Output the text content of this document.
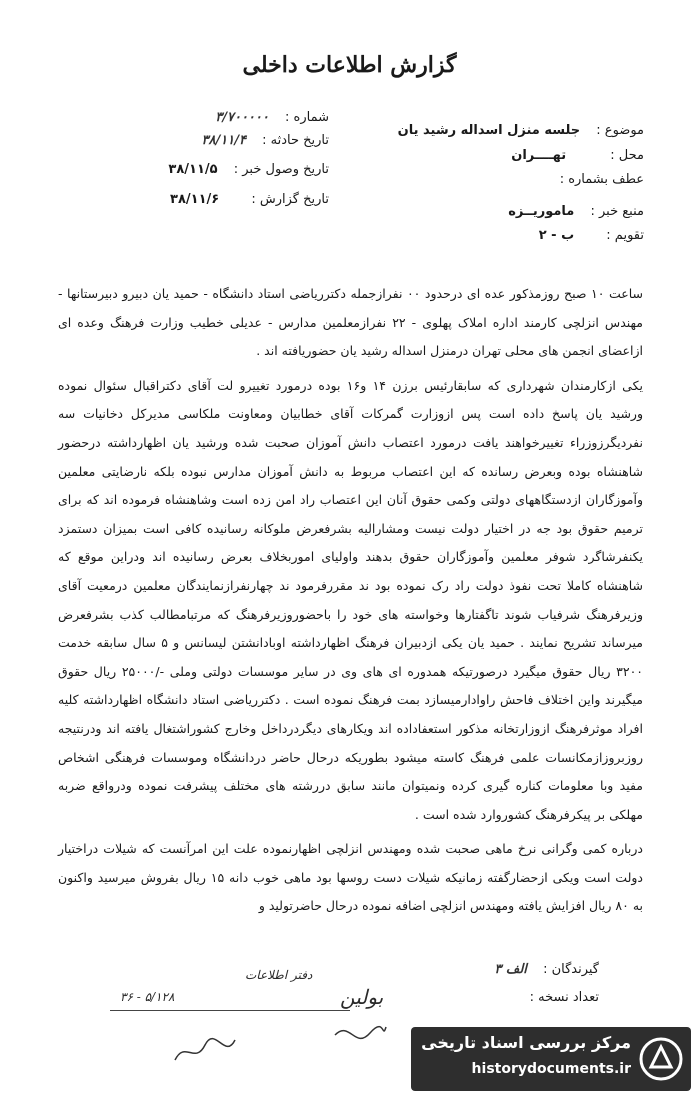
گزارش اطلاعات داخلی
موضوع : جلسه منزل اسداله رشید یان
محل : تهــــران
عطف بشماره :
منبع خبر : ماموریــزه
تقویم : ب - ۲
شماره : ۳/۷۰۰۰۰۰
تاریخ حادثه : ۳۸/۱۱/۴
تاریخ وصول خبر : ۳۸/۱۱/۵
تاریخ گزارش : ۳۸/۱۱/۶

ساعت ۱۰ صبح روزمذکور عده ای درحدود ۰۰ نفرازجمله دکترریاضی استاد دانشگاه - حمید یان دبیرو دبیرستانها - مهندس انزلچی کارمند اداره املاک پهلوی - ۲۲ نفرازمعلمین مدارس - عدیلی خطیب وزارت فرهنگ وعده ای ازاعضای انجمن های محلی تهران درمنزل اسداله رشید یان حضوریافته اند .

یکی ازکارمندان شهرداری که سابقارئیس برزن ۱۴ و۱۶ بوده درمورد تغییرو لت آقای دکتراقبال سئوال نموده ورشید یان پاسخ داده است پس ازوزارت گمرکات آقای خطابیان ومعاونت ملکاسی مدیرکل دخانیات سه نفردیگرزوزراء تغییرخواهند یافت درمورد اعتصاب دانش آموزان صحبت شده ورشید یان اظهارداشته درحضور شاهنشاه بوده وبعرض رسانده که این اعتصاب مربوط به دانش آموزان مدارس نبوده بلکه نارضایتی معلمین وآموزگاران ازدستگاههای دولتی وکمی حقوق آنان این اعتصاب راد امن زده است وشاهنشاه فرموده اند که برای ترمیم حقوق بود جه در اختیار دولت نیست ومشارالیه بشرفعرض ملوکانه رسانیده کافی است بمیزان دستمزد یکنفرشاگرد شوفر معلمین وآموزگاران حقوق بدهند واولیای اموربخلاف بعرض رسانیده اند ودراین موقع که شاهنشاه کاملا تحت نفوذ دولت راد رک نموده بود ند مقررفرمود ند چهارنفرازنمایندگان معلمین درمعیت آقای وزیرفرهنگ شرفیاب شوند تاگفتارها وخواسته های خود را باحضوروزیرفرهنگ که مرتبامطالب کذب بشرفعرض میرساند تشریح نمایند . حمید یان یکی ازدبیران فرهنگ اظهارداشته اوبادانشتن لیسانس و ۵ سال سابقه خدمت ۳۲۰۰ ریال حقوق میگیرد درصورتیکه همدوره ای های وی در سایر موسسات دولتی وملی -/۲۵۰۰۰ ریال حقوق میگیرند واین اختلاف فاحش راوادارمیسازد بمت فرهنگ نموده است . دکترریاضی استاد دانشگاه اظهارداشته کلیه افراد موثرفرهنگ ازوزارتخانه مذکور استعفاداده اند ویکارهای دیگردرداخل وخارج کشوراشتغال یافته اند ودرنتیجه روزبروزازمکانسات علمی فرهنگ کاسته میشود بطوریکه درحال حاضر دردانشگاه وموسسات فرهنگی اشخاص مفید وبا معلومات کناره گیری کرده ونمیتوان مانند سابق دررشته های مختلف پیشرفت نموده ودرواقع ضربه مهلکی بر پیکرفرهنگ کشوروارد شده است .

درباره کمی وگرانی نرخ ماهی صحبت شده ومهندس انزلچی اظهارنموده علت این امرآنست که شیلات دراختیار دولت است ویکی ازحضارگفته زمانیکه شیلات دست روسها بود ماهی خوب دانه ۱۵ ریال بفروش میرسید واکنون به ۸۰ ریال افزایش یافته ومهندس انزلچی اضافه نموده درحال حاضرتولید و

گیرندگان : الف ۳
تعداد نسخه :
دفتر اطلاعات
۵/۱۲۸ - ۳۶	بولین
مرکز بررسی اسناد تاریخی
historydocuments.ir
